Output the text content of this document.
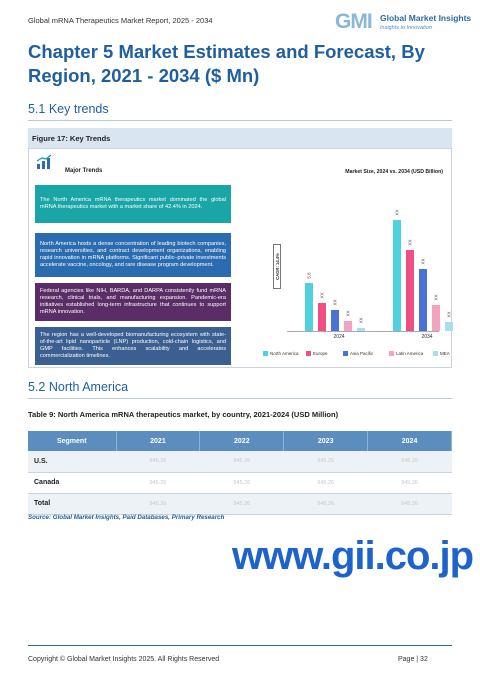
Global mRNA Therapeutics Market Report, 2025 - 2034	GMI Global Market Insights
Insights to Innovation
Chapter 5 Market Estimates and Forecast, By Region, 2021 - 2034 ($ Mn)
5.1 Key trends
Figure 17: Key Trends
Major Trends
The North America mRNA therapeutics market dominated the global mRNA therapeutics market with a market share of 42.4% in 2024.
North America hosts a dense concentration of leading biotech companies, research universities, and contract development organizations, enabling rapid innovation in mRNA platforms. Significant public–private investments accelerate vaccine, oncology, and rare disease program development.
Federal agencies like NIH, BARDA, and DARPA consistently fund mRNA research, clinical trials, and manufacturing expansion. Pandemic-era initiatives established long-term infrastructure that continues to support mRNA innovation.
The region has a well-developed biomanufacturing ecosystem with state-of-the-art lipid nanoparticle (LNP) production, cold-chain logistics, and GMP facilities. This enhances scalability and accelerates commercialization timelines.
Market Size, 2024 vs. 2034 (USD Billion)
CAGR: 14.4%	5.6
XX
XX
XX
XX
XX
XX
XX
XX
XX
2024	2034
North America	Europe	Asia Pacific	Latin America	MEA
5.2 North America
Table 9: North America mRNA therapeutics market, by country, 2021-2024 (USD Million)
Segment	2021	2022	2023	2024
U.S.	945.26	945.26	945.26	945.26
Canada	945.26	945.26	945.26	945.26
Total	945.26	945.26	945.26	945.26
Source: Global Market Insights, Paid Databases, Primary Research
www.gii.co.jp
Copyright © Global Market Insights 2025. All Rights Reserved	Page | 32
